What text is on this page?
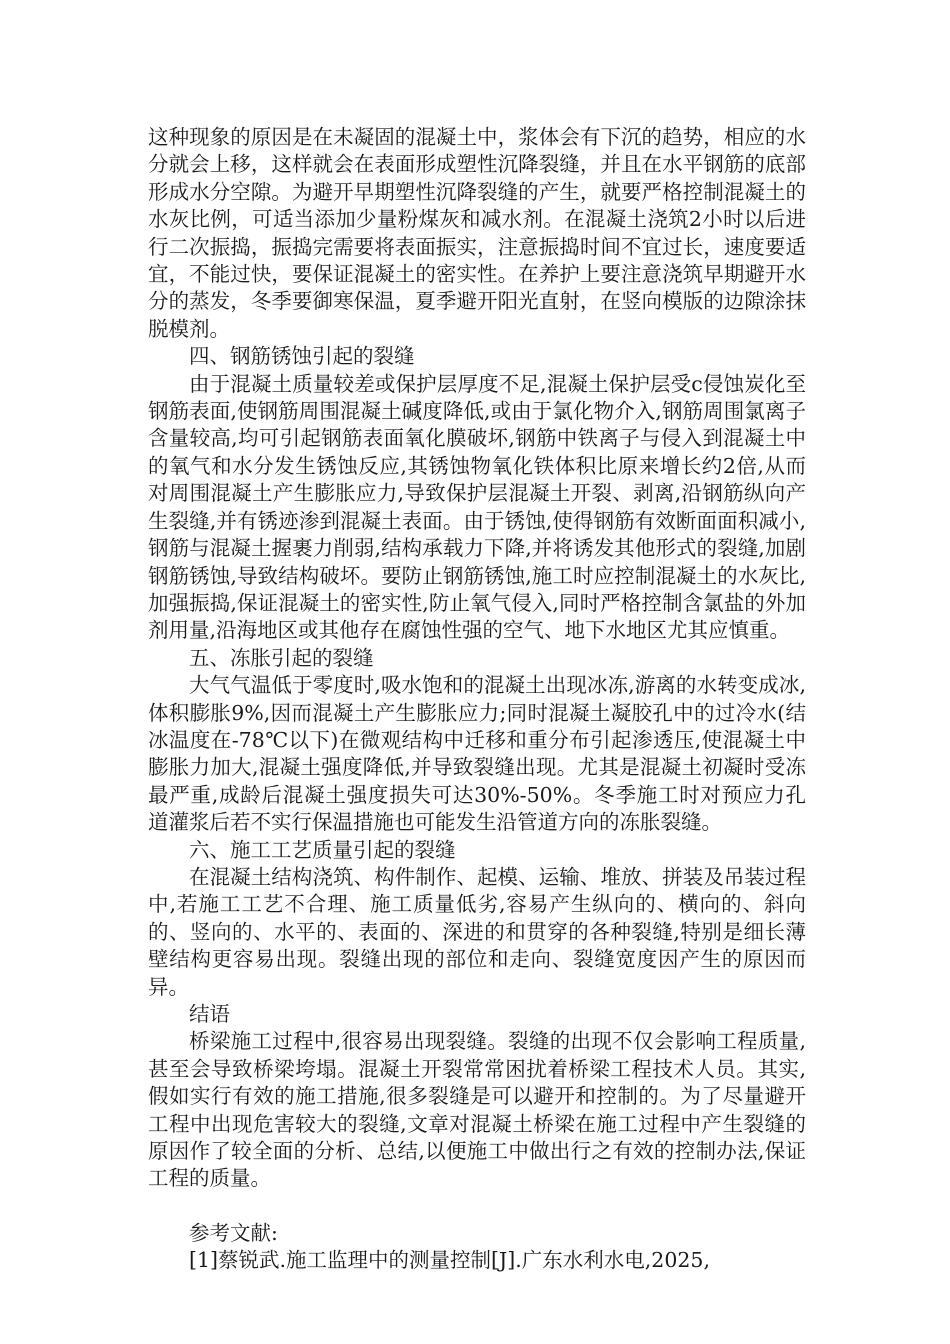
这种现象的原因是在未凝固的混凝土中，浆体会有下沉的趋势，相应的水分就会上移，这样就会在表面形成塑性沉降裂缝，并且在水平钢筋的底部形成水分空隙。为避开早期塑性沉降裂缝的产生，就要严格控制混凝土的水灰比例，可适当添加少量粉煤灰和减水剂。在混凝土浇筑2小时以后进行二次振捣，振捣完需要将表面振实，注意振捣时间不宜过长，速度要适宜，不能过快，要保证混凝土的密实性。在养护上要注意浇筑早期避开水分的蒸发，冬季要御寒保温，夏季避开阳光直射，在竖向模版的边隙涂抹脱模剂。

四、钢筋锈蚀引起的裂缝

由于混凝土质量较差或保护层厚度不足,混凝土保护层受c侵蚀炭化至钢筋表面,使钢筋周围混凝土碱度降低,或由于氯化物介入,钢筋周围氯离子含量较高,均可引起钢筋表面氧化膜破坏,钢筋中铁离子与侵入到混凝土中的氧气和水分发生锈蚀反应,其锈蚀物氧化铁体积比原来增长约2倍,从而对周围混凝土产生膨胀应力,导致保护层混凝土开裂、剥离,沿钢筋纵向产生裂缝,并有锈迹渗到混凝土表面。由于锈蚀,使得钢筋有效断面面积减小,钢筋与混凝土握裹力削弱,结构承载力下降,并将诱发其他形式的裂缝,加剧钢筋锈蚀,导致结构破坏。要防止钢筋锈蚀,施工时应控制混凝土的水灰比,加强振捣,保证混凝土的密实性,防止氧气侵入,同时严格控制含氯盐的外加剂用量,沿海地区或其他存在腐蚀性强的空气、地下水地区尤其应慎重。

五、冻胀引起的裂缝

大气气温低于零度时,吸水饱和的混凝土出现冰冻,游离的水转变成冰,体积膨胀9%,因而混凝土产生膨胀应力;同时混凝土凝胶孔中的过冷水(结冰温度在-78℃以下)在微观结构中迁移和重分布引起渗透压,使混凝土中膨胀力加大,混凝土强度降低,并导致裂缝出现。尤其是混凝土初凝时受冻最严重,成龄后混凝土强度损失可达30%-50%。冬季施工时对预应力孔道灌浆后若不实行保温措施也可能发生沿管道方向的冻胀裂缝。

六、施工工艺质量引起的裂缝

在混凝土结构浇筑、构件制作、起模、运输、堆放、拼装及吊装过程中,若施工工艺不合理、施工质量低劣,容易产生纵向的、横向的、斜向的、竖向的、水平的、表面的、深进的和贯穿的各种裂缝,特别是细长薄壁结构更容易出现。裂缝出现的部位和走向、裂缝宽度因产生的原因而异。

结语

桥梁施工过程中,很容易出现裂缝。裂缝的出现不仅会影响工程质量,甚至会导致桥梁垮塌。混凝土开裂常常困扰着桥梁工程技术人员。其实,假如实行有效的施工措施,很多裂缝是可以避开和控制的。为了尽量避开工程中出现危害较大的裂缝,文章对混凝土桥梁在施工过程中产生裂缝的原因作了较全面的分析、总结,以便施工中做出行之有效的控制办法,保证工程的质量。

参考文献:

[1]蔡锐武.施工监理中的测量控制[J].广东水利水电,2025,
